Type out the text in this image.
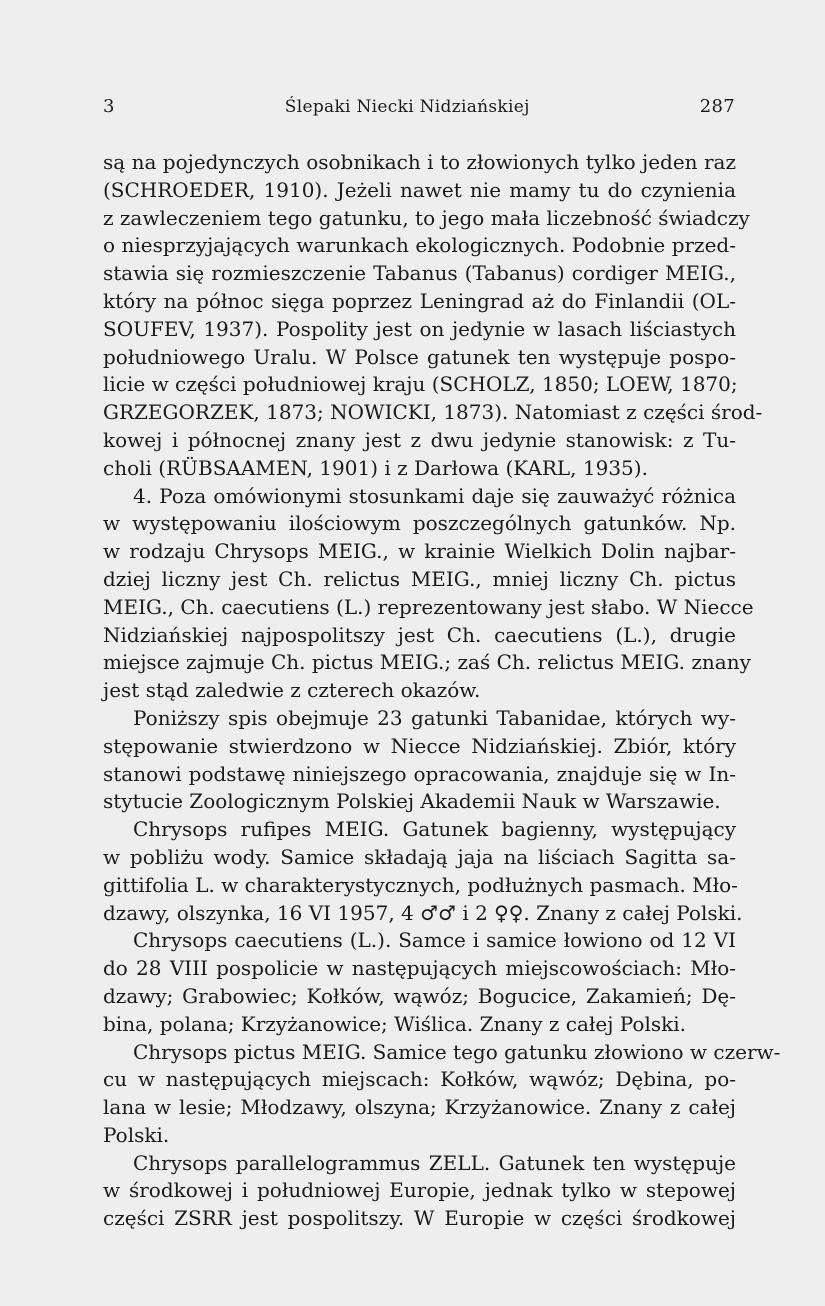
3	Ślepaki Niecki Nidziańskiej	287
są na pojedynczych osobnikach i to złowionych tylko jeden raz
(SCHROEDER, 1910). Jeżeli nawet nie mamy tu do czynienia
z zawleczeniem tego gatunku, to jego mała liczebność świadczy
o niesprzyjających warunkach ekologicznych. Podobnie przed-
stawia się rozmieszczenie Tabanus (Tabanus) cordiger MEIG.,
który na północ sięga poprzez Leningrad aż do Finlandii (OL-
SOUFEV, 1937). Pospolity jest on jedynie w lasach liściastych
południowego Uralu. W Polsce gatunek ten występuje pospo-
licie w części południowej kraju (SCHOLZ, 1850; LOEW, 1870;
GRZEGORZEK, 1873; NOWICKI, 1873). Natomiast z części środ-
kowej i północnej znany jest z dwu jedynie stanowisk: z Tu-
choli (RÜBSAAMEN, 1901) i z Darłowa (KARL, 1935).
4. Poza omówionymi stosunkami daje się zauważyć różnica
w występowaniu ilościowym poszczególnych gatunków. Np.
w rodzaju Chrysops MEIG., w krainie Wielkich Dolin najbar-
dziej liczny jest Ch. relictus MEIG., mniej liczny Ch. pictus
MEIG., Ch. caecutiens (L.) reprezentowany jest słabo. W Niecce
Nidziańskiej najpospolitszy jest Ch. caecutiens (L.), drugie
miejsce zajmuje Ch. pictus MEIG.; zaś Ch. relictus MEIG. znany
jest stąd zaledwie z czterech okazów.
Poniższy spis obejmuje 23 gatunki Tabanidae, których wy-
stępowanie stwierdzono w Niecce Nidziańskiej. Zbiór, który
stanowi podstawę niniejszego opracowania, znajduje się w In-
stytucie Zoologicznym Polskiej Akademii Nauk w Warszawie.
Chrysops rufipes MEIG. Gatunek bagienny, występujący
w pobliżu wody. Samice składają jaja na liściach Sagitta sa-
gittifolia L. w charakterystycznych, podłużnych pasmach. Mło-
dzawy, olszynka, 16 VI 1957, 4 ♂♂ i 2 ♀♀. Znany z całej Polski.
Chrysops caecutiens (L.). Samce i samice łowiono od 12 VI
do 28 VIII pospolicie w następujących miejscowościach: Mło-
dzawy; Grabowiec; Kołków, wąwóz; Bogucice, Zakamień; Dę-
bina, polana; Krzyżanowice; Wiślica. Znany z całej Polski.
Chrysops pictus MEIG. Samice tego gatunku złowiono w czerw-
cu w następujących miejscach: Kołków, wąwóz; Dębina, po-
lana w lesie; Młodzawy, olszyna; Krzyżanowice. Znany z całej
Polski.
Chrysops parallelogrammus ZELL. Gatunek ten występuje
w środkowej i południowej Europie, jednak tylko w stepowej
części ZSRR jest pospolitszy. W Europie w części środkowej
